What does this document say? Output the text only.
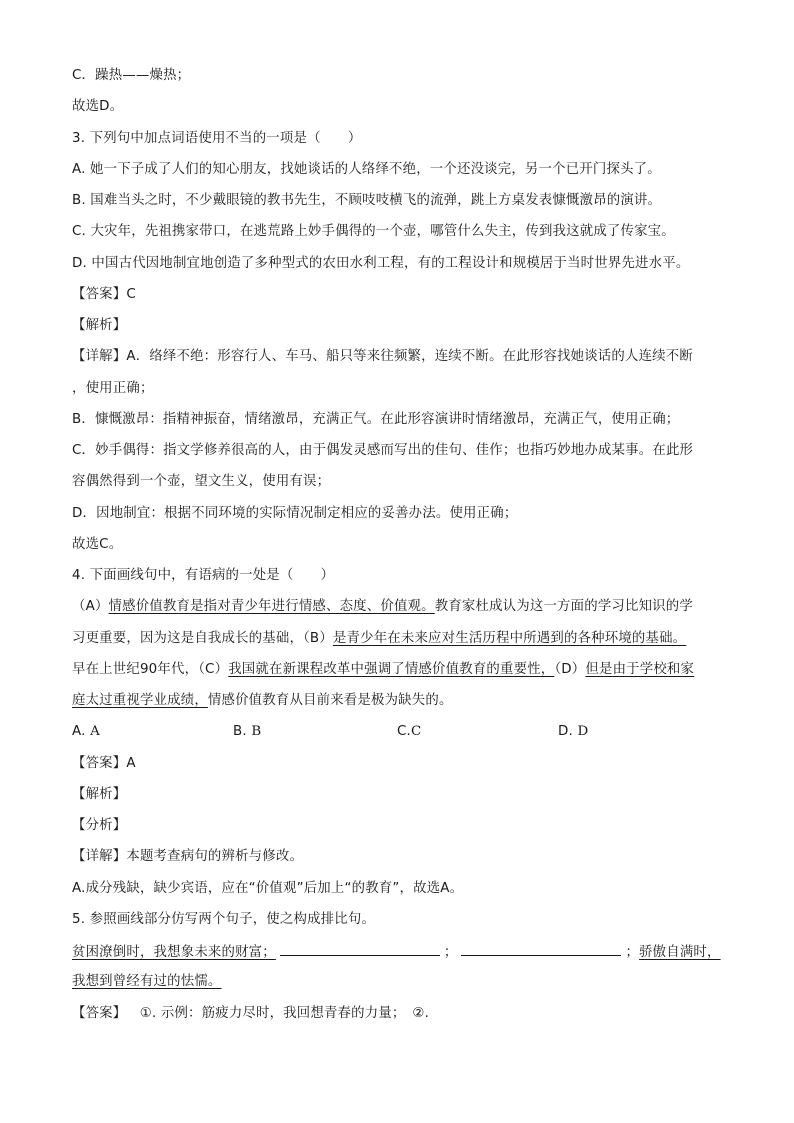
C．躁热——燥热；
故选D。
3. 下列句中加点词语使用不当的一项是（　　）
A. 她一下子成了人们的知心朋友，找她谈话的人络绎不绝，一个还没谈完，另一个已开门探头了。
B. 国难当头之时，不少戴眼镜的教书先生，不顾吱吱横飞的流弹，跳上方桌发表慷慨激昂的演讲。
C. 大灾年，先祖携家带口，在逃荒路上妙手偶得的一个壶，哪管什么失主，传到我这就成了传家宝。
D. 中国古代因地制宜地创造了多种型式的农田水利工程，有的工程设计和规模居于当时世界先进水平。
【答案】C
【解析】
【详解】A．络绎不绝：形容行人、车马、船只等来往频繁，连续不断。在此形容找她谈话的人连续不断
，使用正确；
B．慷慨激昂：指精神振奋，情绪激昂，充满正气。在此形容演讲时情绪激昂，充满正气，使用正确；
C．妙手偶得：指文学修养很高的人，由于偶发灵感而写出的佳句、佳作；也指巧妙地办成某事。在此形
容偶然得到一个壶，望文生义，使用有误；
D．因地制宜：根据不同环境的实际情况制定相应的妥善办法。使用正确；
故选C。
4. 下面画线句中，有语病的一处是（　　）
（A）情感价值教育是指对青少年进行情感、态度、价值观。教育家杜成认为这一方面的学习比知识的学
习更重要，因为这是自我成长的基础，（B）是青少年在未来应对生活历程中所遇到的各种环境的基础。
早在上世纪90年代，（C）我国就在新课程改革中强调了情感价值教育的重要性，（D）但是由于学校和家
庭太过重视学业成绩，情感价值教育从目前来看是极为缺失的。
A. A	B. B	C.C	D. D
【答案】A
【解析】
【分析】
【详解】本题考查病句的辨析与修改。
A.成分残缺，缺少宾语，应在“价值观”后加上“的教育”，故选A。
5. 参照画线部分仿写两个句子，使之构成排比句。
贫困潦倒时，我想象未来的财富；	；	；骄傲自满时，
我想到曾经有过的怯懦。
【答案】 ①. 示例：筋疲力尽时，我回想青春的力量；　②.
